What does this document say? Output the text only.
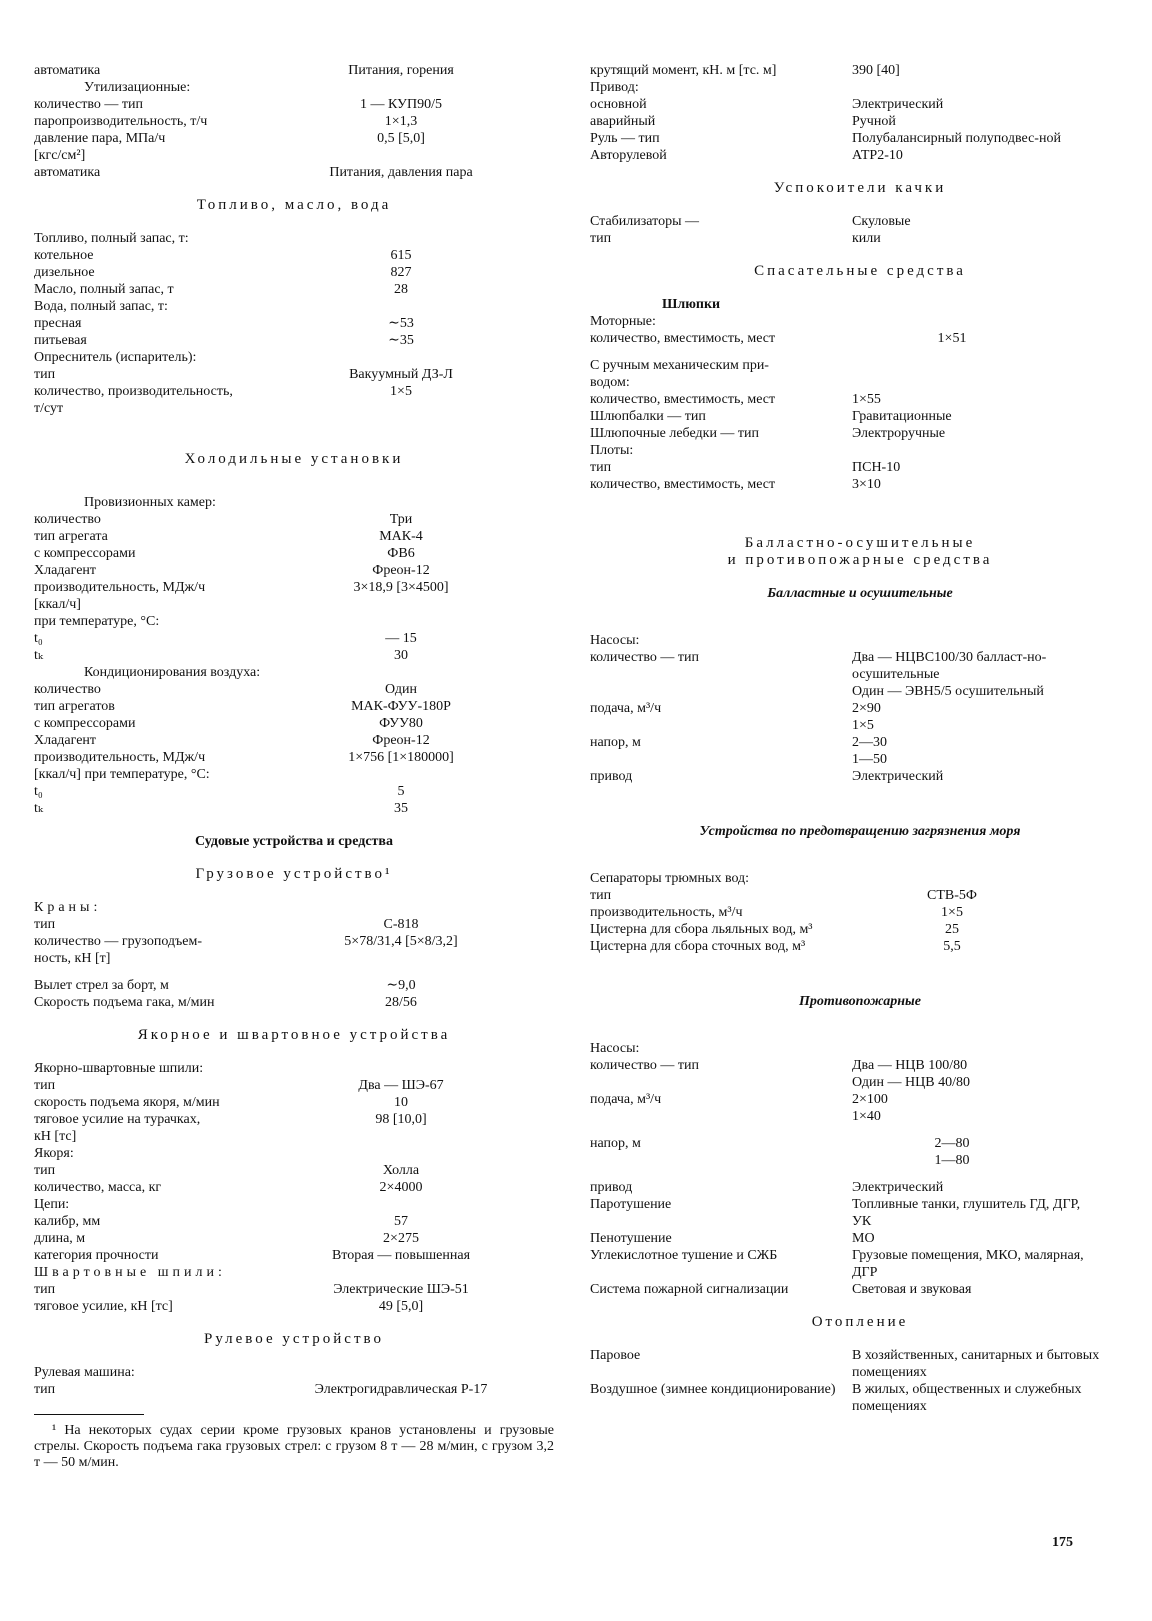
автоматика	Питания, горения
Утилизационные:
количество — тип	1 — КУП90/5
паропроизводительность, т/ч	1×1,3
давление пара, МПа/ч	0,5 [5,0]
[кгс/см²]
автоматика	Питания, давления пара
Топливо, масло, вода
Топливо, полный запас, т:
котельное	615
дизельное	827
Масло, полный запас, т	28
Вода, полный запас, т:
пресная	∼53
питьевая	∼35
Опреснитель (испаритель):
тип	Вакуумный ДЗ-Л
количество, производительность,	1×5
т/сут
Холодильные установки
Провизионных камер:
количество	Три
тип агрегата	МАК-4
с компрессорами	ФВ6
Хладагент	Фреон-12
производительность, МДж/ч	3×18,9 [3×4500]
[ккал/ч]
при температуре, °С:
t₀	— 15
tₖ	30
Кондиционирования воздуха:
количество	Один
тип агрегатов	МАК-ФУУ-180Р
с компрессорами	ФУУ80
Хладагент	Фреон-12
производительность, МДж/ч	1×756 [1×180000]
[ккал/ч] при температуре, °С:
t₀	5
tₖ	35
Судовые устройства и средства
Грузовое устройство¹
Краны:
тип	С-818
количество — грузоподъем-	5×78/31,4 [5×8/3,2]
ность, кН [т]
Вылет стрел за борт, м	∼9,0
Скорость подъема гака, м/мин	28/56
Якорное и швартовное устройства
Якорно-швартовные шпили:
тип	Два — ШЭ-67
скорость подъема якоря, м/мин	10
тяговое усилие на турачках,	98 [10,0]
кН [тс]
Якоря:
тип	Холла
количество, масса, кг	2×4000
Цепи:
калибр, мм	57
длина, м	2×275
категория прочности	Вторая — повышенная
Швартовные шпили:
тип	Электрические ШЭ-51
тяговое усилие, кН [тс]	49 [5,0]
Рулевое устройство
Рулевая машина:
тип	Электрогидравлическая Р-17
¹ На некоторых судах серии кроме грузовых кранов установлены и грузовые стрелы. Скорость подъема гака грузовых стрел: с грузом 8 т — 28 м/мин, с грузом 3,2 т — 50 м/мин.
крутящий момент, кН. м [тс. м]	390 [40]
Привод:
основной	Электрический
аварийный	Ручной
Руль — тип	Полубалансирный полуподвес-ной
Авторулевой	АТР2-10
Успокоители качки
Стабилизаторы —	Скуловые
тип	кили
Спасательные средства
Шлюпки
Моторные:
количество, вместимость, мест	1×51
С ручным механическим при-
водом:
количество, вместимость, мест	1×55
Шлюпбалки — тип	Гравитационные
Шлюпочные лебедки — тип	Электроручные
Плоты:
тип	ПСН-10
количество, вместимость, мест	3×10
Балластно-осушительные
и противопожарные средства
Балластные и осушительные
Насосы:
количество — тип	Два — НЦВС100/30 балласт-но-осушительные
Один — ЭВН5/5 осушительный
подача, м³/ч	2×90
1×5
напор, м	2—30
1—50
привод	Электрический
Устройства по предотвращению загрязнения моря
Сепараторы трюмных вод:
тип	СТВ-5Ф
производительность, м³/ч	1×5
Цистерна для сбора льяльных вод, м³	25
Цистерна для сбора сточных вод, м³	5,5
Противопожарные
Насосы:
количество — тип	Два — НЦВ 100/80
Один — НЦВ 40/80
подача, м³/ч	2×100
1×40
напор, м	2—80
1—80
привод	Электрический
Паротушение	Топливные танки, глушитель ГД, ДГР, УК
Пенотушение	МО
Углекислотное тушение и СЖБ	Грузовые помещения, МКО, малярная, ДГР
Система пожарной сигнализации	Световая и звуковая
Отопление
Паровое	В хозяйственных, санитарных и бытовых помещениях
Воздушное (зимнее кондиционирование)	В жилых, общественных и служебных помещениях
175
